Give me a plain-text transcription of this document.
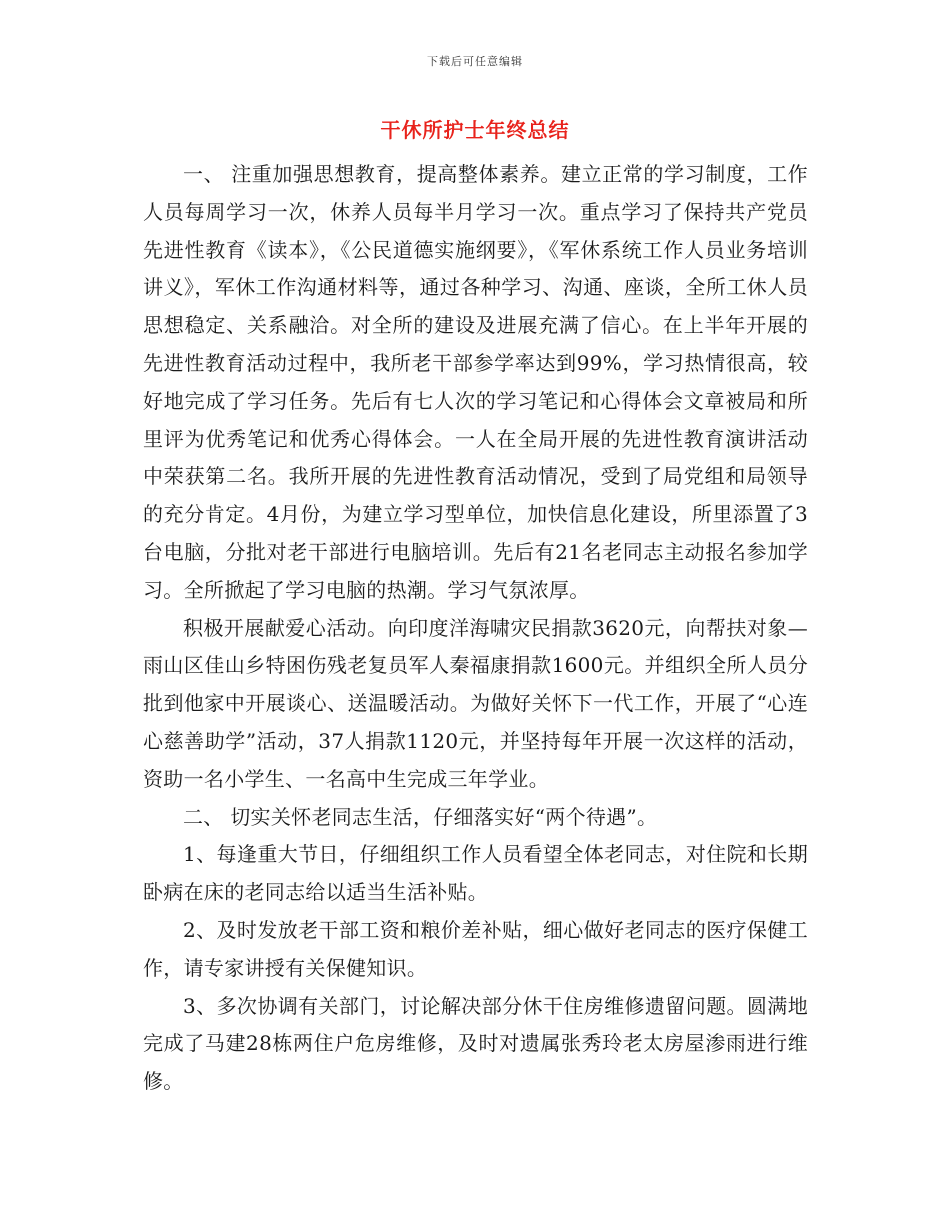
下载后可任意编辑
干休所护士年终总结

一、 注重加强思想教育，提高整体素养。建立正常的学习制度，工作人员每周学习一次，休养人员每半月学习一次。重点学习了保持共产党员先进性教育《读本》，《公民道德实施纲要》，《军休系统工作人员业务培训讲义》，军休工作沟通材料等，通过各种学习、沟通、座谈，全所工休人员思想稳定、关系融洽。对全所的建设及进展充满了信心。在上半年开展的先进性教育活动过程中，我所老干部参学率达到99%，学习热情很高，较好地完成了学习任务。先后有七人次的学习笔记和心得体会文章被局和所里评为优秀笔记和优秀心得体会。一人在全局开展的先进性教育演讲活动中荣获第二名。我所开展的先进性教育活动情况，受到了局党组和局领导的充分肯定。4月份，为建立学习型单位，加快信息化建设，所里添置了3台电脑，分批对老干部进行电脑培训。先后有21名老同志主动报名参加学习。全所掀起了学习电脑的热潮。学习气氛浓厚。

积极开展献爱心活动。向印度洋海啸灾民捐款3620元，向帮扶对象—雨山区佳山乡特困伤残老复员军人秦福康捐款1600元。并组织全所人员分批到他家中开展谈心、送温暖活动。为做好关怀下一代工作，开展了“心连心慈善助学”活动，37人捐款1120元，并坚持每年开展一次这样的活动，资助一名小学生、一名高中生完成三年学业。

二、 切实关怀老同志生活，仔细落实好“两个待遇”。

1、每逢重大节日，仔细组织工作人员看望全体老同志，对住院和长期卧病在床的老同志给以适当生活补贴。

2、及时发放老干部工资和粮价差补贴，细心做好老同志的医疗保健工作，请专家讲授有关保健知识。

3、多次协调有关部门，讨论解决部分休干住房维修遗留问题。圆满地完成了马建28栋两住户危房维修，及时对遗属张秀玲老太房屋渗雨进行维修。
